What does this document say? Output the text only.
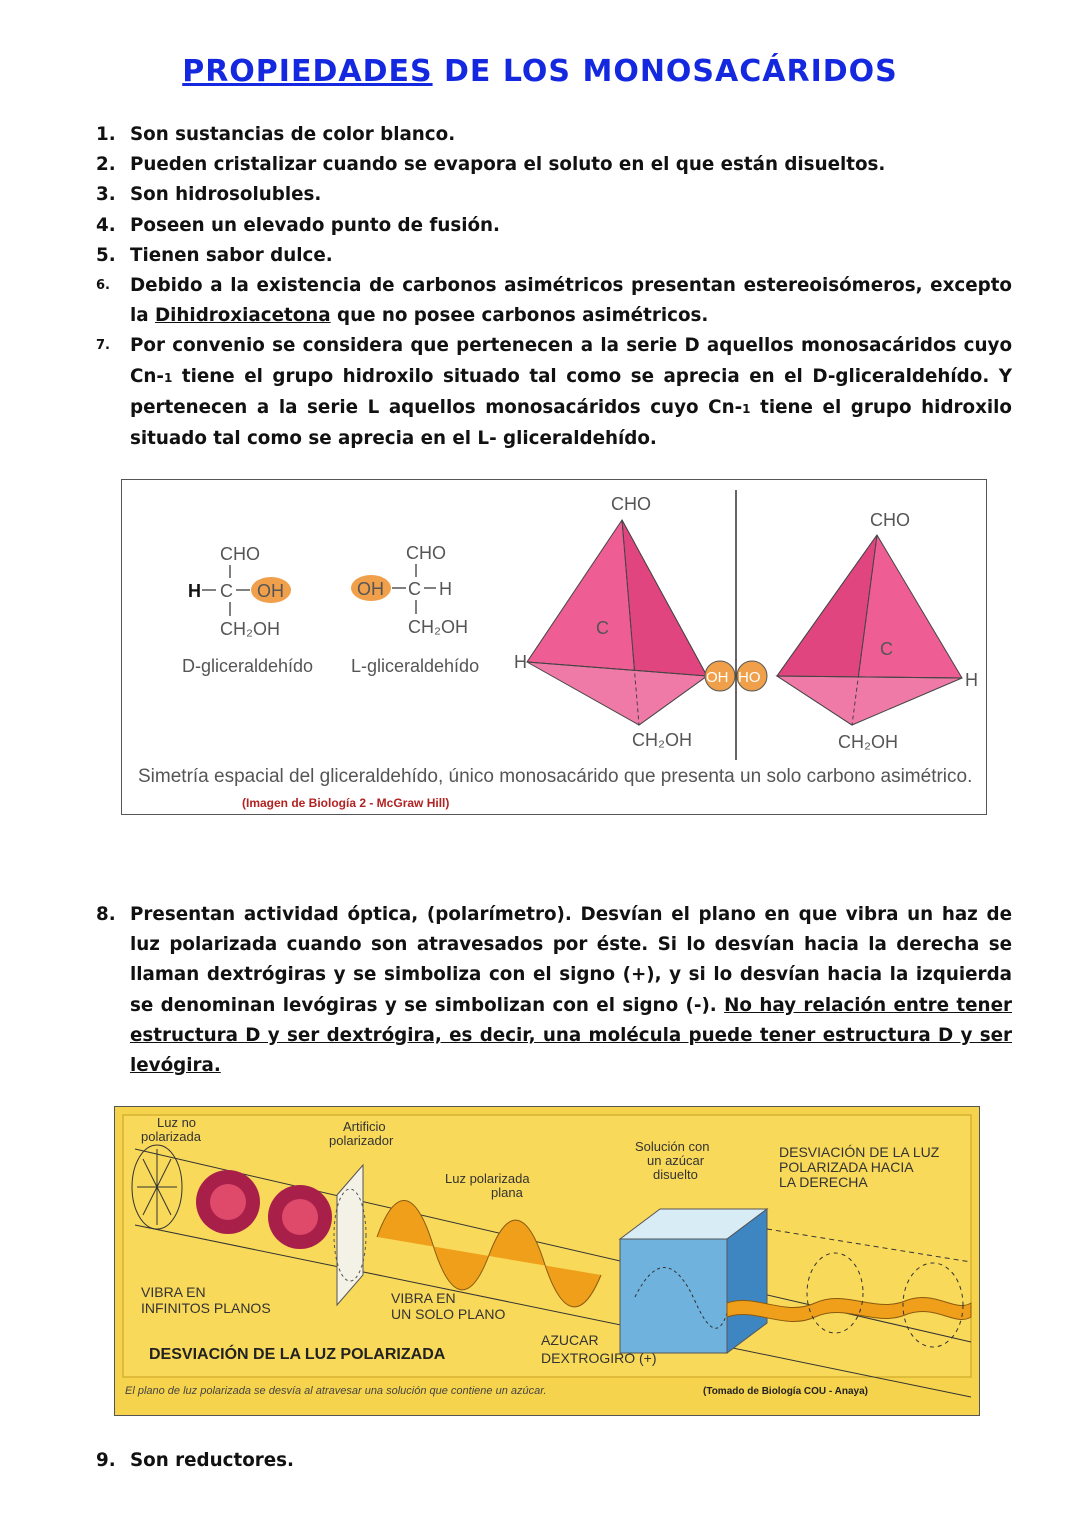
PROPIEDADES DE LOS MONOSACÁRIDOS
1. Son sustancias de color blanco.
2. Pueden cristalizar cuando se evapora el soluto en el que están disueltos.
3. Son hidrosolubles.
4. Poseen un elevado punto de fusión.
5. Tienen sabor dulce.
6.	Debido a la existencia de carbonos asimétricos presentan estereoisómeros, excepto la Dihidroxiacetona que no posee carbonos asimétricos.
7.	Por convenio se considera que pertenecen a la serie D aquellos monosacáridos cuyo Cn-1 tiene el grupo hidroxilo situado tal como se aprecia en el D-gliceraldehído. Y pertenecen a la serie L aquellos monosacáridos cuyo Cn-1 tiene el grupo hidroxilo situado tal como se aprecia en el L- gliceraldehído.
CHO
H C OH
CH₂OH
D-gliceraldehído
CHO
OH C H
CH₂OH
L-gliceraldehído
CHO
CHO
H
H
C
C
CH₂OH	CH₂OH
OH HO
Simetría espacial del gliceraldehído, único monosacárido que presenta un solo carbono asimétrico.
(Imagen de Biología 2 - McGraw Hill)
8. Presentan actividad óptica, (polarímetro). Desvían el plano en que vibra un haz de luz polarizada cuando son atravesados por éste. Si lo desvían hacia la derecha se llaman dextrógiras y se simboliza con el signo (+), y si lo desvían hacia la izquierda se denominan levógiras y se simbolizan con el signo (-). No hay relación entre tener estructura D y ser dextrógira, es decir, una molécula puede tener estructura D y ser levógira.
Luz no
polarizada
Artificio
polarizador
Luz polarizada
plana
Solución con
un azúcar
disuelto
DESVIACIÓN DE LA LUZ
POLARIZADA HACIA
LA DERECHA
VIBRA EN
INFINITOS PLANOS
VIBRA EN
UN SOLO PLANO
AZUCAR
DEXTROGIRO (+)
DESVIACIÓN DE LA LUZ POLARIZADA
El plano de luz polarizada se desvía al atravesar una solución que contiene un azúcar.	(Tomado de Biología COU - Anaya)
9. Son reductores.
